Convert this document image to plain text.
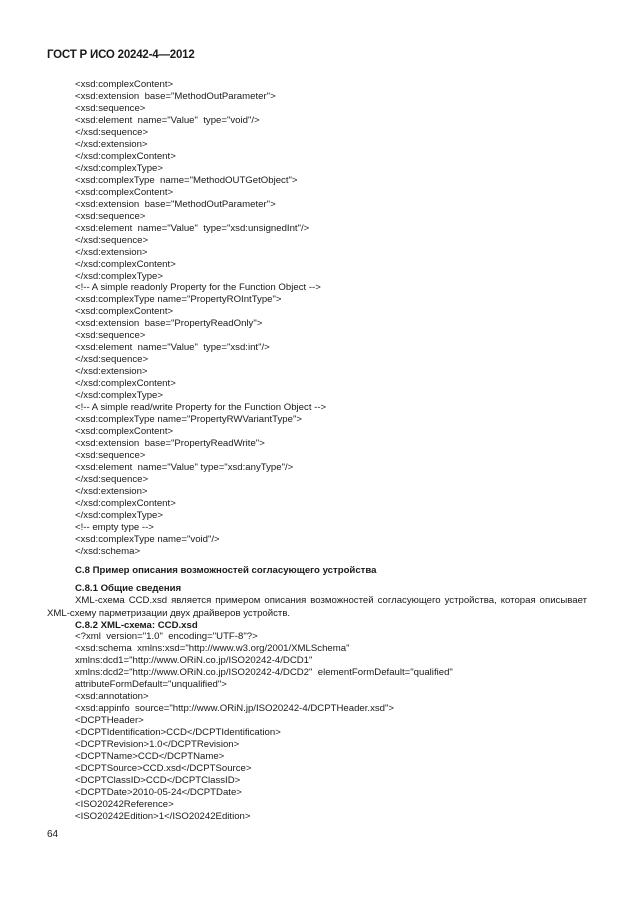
ГОСТ Р ИСО 20242-4—2012
<xsd:complexContent>
<xsd:extension  base="MethodOutParameter">
<xsd:sequence>
<xsd:element  name="Value"  type="void"/>
</xsd:sequence>
</xsd:extension>
</xsd:complexContent>
</xsd:complexType>
<xsd:complexType  name="MethodOUTGetObject">
<xsd:complexContent>
<xsd:extension  base="MethodOutParameter">
<xsd:sequence>
<xsd:element  name="Value"  type="xsd:unsignedInt"/>
</xsd:sequence>
</xsd:extension>
</xsd:complexContent>
</xsd:complexType>
<!-- A simple readonly Property for the Function Object -->
<xsd:complexType name="PropertyROIntType">
<xsd:complexContent>
<xsd:extension  base="PropertyReadOnly">
<xsd:sequence>
<xsd:element  name="Value"  type="xsd:int"/>
</xsd:sequence>
</xsd:extension>
</xsd:complexContent>
</xsd:complexType>
<!-- A simple read/write Property for the Function Object -->
<xsd:complexType name="PropertyRWVariantType">
<xsd:complexContent>
<xsd:extension  base="PropertyReadWrite">
<xsd:sequence>
<xsd:element  name="Value" type="xsd:anyType"/>
</xsd:sequence>
</xsd:extension>
</xsd:complexContent>
</xsd:complexType>
<!-- empty type -->
<xsd:complexType name="void"/>
</xsd:schema>
С.8 Пример описания возможностей согласующего устройства
С.8.1 Общие сведения
XML-схема CCD.xsd является примером описания возможностей согласующего устройства, которая описывает XML-схему парметризации двух драйверов устройств.
С.8.2 XML-схема: CCD.xsd
<?xml  version="1.0"  encoding="UTF-8"?>
<xsd:schema  xmlns:xsd="http://www.w3.org/2001/XMLSchema"
xmlns:dcd1="http://www.ORiN.co.jp/ISO20242-4/DCD1"
xmlns:dcd2="http://www.ORiN.co.jp/ISO20242-4/DCD2"  elementFormDefault="qualified"
attributeFormDefault="unqualified">
<xsd:annotation>
<xsd:appinfo  source="http://www.ORiN.jp/ISO20242-4/DCPTHeader.xsd">
<DCPTHeader>
<DCPTIdentification>CCD</DCPTIdentification>
<DCPTRevision>1.0</DCPTRevision>
<DCPTName>CCD</DCPTName>
<DCPTSource>CCD.xsd</DCPTSource>
<DCPTClassID>CCD</DCPTClassID>
<DCPTDate>2010-05-24</DCPTDate>
<ISO20242Reference>
<ISO20242Edition>1</ISO20242Edition>
64
